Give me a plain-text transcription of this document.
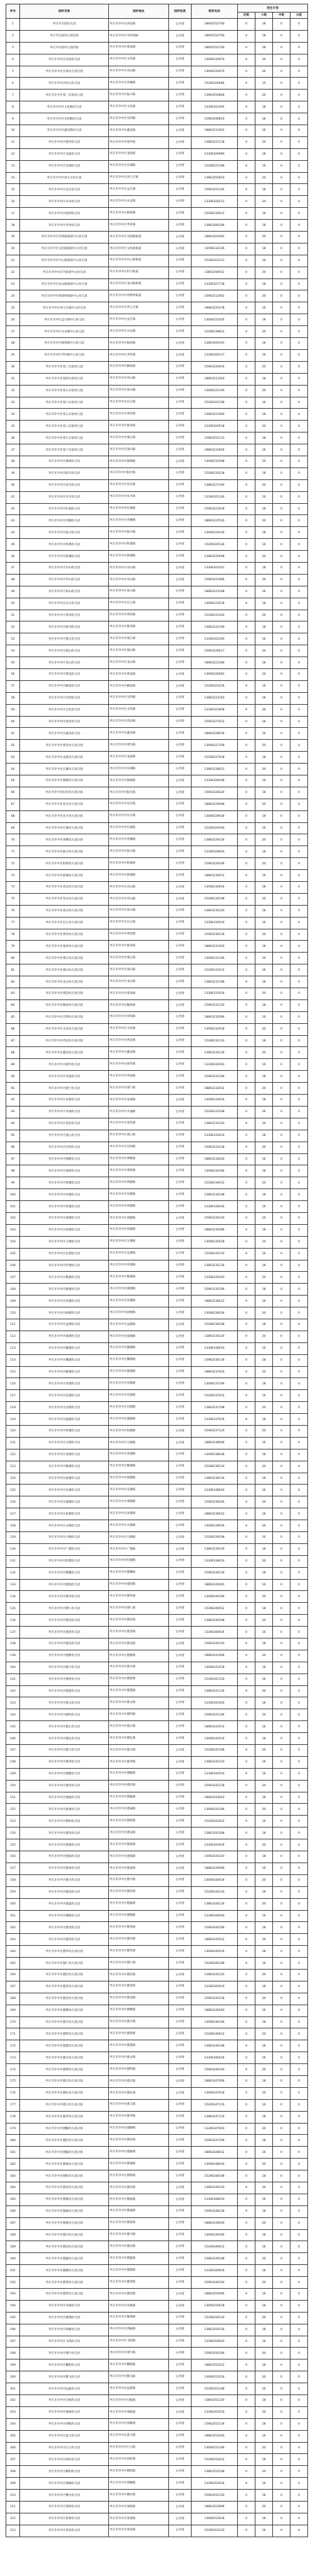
序号	园所名称	园所地址	园所性质	联系电话	招生计划			
					托班	小班	中班	大班
1	枣庄市实验幼儿园	枣庄市市中区西昌路	公办园	18905252700	0	18	0	0
2	枣庄市实验幼儿园北园	枣庄市市中区光明西路	公办园	18905252700	0	18	0	0
3	枣庄市实验幼儿园西园	枣庄市市中区建设路	公办园	18905252700	0	18	0	0
4	枣庄市市中区实验幼儿园	枣庄市市中区文化路	公办园	13006220070	0	20	0	0
5	枣庄市市中区实验幼儿园分园	枣庄市市中区君山路	公办园	13006220070	0	20	0	0
6	枣庄市市中区机关幼儿园	枣庄市市中区青檀路	公办园	15206326666	0	15	0	0
7	枣庄市市中区第二实验幼儿园	枣庄市市中区振兴路	公办园	13963255800	0	20	0	0
8	枣庄市市中区文化路幼儿园	枣庄市市中区文化路	公办园	13306321005	0	18	0	0
9	枣庄市市中区光明路幼儿园	枣庄市市中区光明路	公办园	15963296810	0	18	0	0
10	枣庄市市中区鑫昌路幼儿园	枣庄市市中区鑫昌路	公办园	18863211001	0	16	0	0
11	枣庄市市中区建华幼儿园	枣庄市市中区建华路	公办园	13863221118	0	20	0	0
12	枣庄市市中区龙庭幼儿园	枣庄市市中区龙庭路	公办园	13306326990	0	18	0	0
13	枣庄市市中区东湖幼儿园	枣庄市市中区东湖路	公办园	15266221108	0	16	0	0
14	枣庄市市中区西王庄幼儿园	枣庄市市中区西王庄镇	公办园	13863255810	0	20	0	0
15	枣庄市市中区孟庄幼儿园	枣庄市市中区孟庄镇	公办园	15963251105	0	18	0	0
16	枣庄市市中区永安幼儿园	枣庄市市中区永安镇	公办园	13306320211	0	20	0	0
17	枣庄市市中区税郭幼儿园	枣庄市市中区税郭镇	公办园	15266330012	0	16	0	0
18	枣庄市市中区齐村幼儿园	枣庄市市中区齐村镇	公办园	13963280106	0	18	0	0
19	枣庄市市中区光明路街道中心幼儿园	枣庄市市中区光明路街道	公办园	18863201002	0	20	0	0
20	枣庄市市中区文化路街道中心幼儿园	枣庄市市中区文化路街道	公办园	13006232126	0	18	0	0
21	枣庄市市中区中心街街道中心幼儿园	枣庄市市中区中心街街道	公办园	15206321211	0	16	0	0
22	枣庄市市中区矿区街道中心幼儿园	枣庄市市中区矿区街道	公办园	13863290012	0	20	0	0
23	枣庄市市中区龙山路街道中心幼儿园	枣庄市市中区龙山路街道	公办园	13306327718	0	18	0	0
24	枣庄市市中区垎塔埠街道中心幼儿园	枣庄市市中区垎塔埠街道	公办园	15963212002	0	20	0	0
25	枣庄市市中区西王庄镇中心幼儿园	枣庄市市中区西王庄镇	公办园	18863220178	0	16	0	0
26	枣庄市市中区孟庄镇中心幼儿园	枣庄市市中区孟庄镇	公办园	13006221035	0	18	0	0
27	枣庄市市中区永安镇中心幼儿园	枣庄市市中区永安镇	公办园	15266238812	0	20	0	0
28	枣庄市市中区税郭镇中心幼儿园	枣庄市市中区税郭镇	公办园	13863200101	0	18	0	0
29	枣庄市市中区齐村镇中心幼儿园	枣庄市市中区齐村镇	公办园	13306326117	0	16	0	0
30	枣庄市市中区第三实验幼儿园	枣庄市市中区解放路	公办园	15963220016	0	20	0	0
31	枣庄市市中区第四实验幼儿园	枣庄市市中区华山路	公办园	18863213320	0	18	0	0
32	枣庄市市中区第五实验幼儿园	枣庄市市中区泰山路	公办园	13006222109	0	20	0	0
33	枣庄市市中区第六实验幼儿园	枣庄市市中区长江路	公办园	15206322158	0	16	0	0
34	枣庄市市中区第七实验幼儿园	枣庄市市中区黄河路	公办园	13863221900	0	18	0	0
35	枣庄市市中区第八实验幼儿园	枣庄市市中区淮河路	公办园	13306320518	0	20	0	0
36	枣庄市市中区第九实验幼儿园	枣庄市市中区珠江路	公办园	15963252113	0	18	0	0
37	枣庄市市中区第十实验幼儿园	枣庄市市中区嵩山路	公办园	18863210056	0	16	0	0
38	枣庄市市中区锦绣幼儿园	枣庄市市中区锦绣路	公办园	13006231008	0	20	0	0
39	枣庄市市中区阳光幼儿园	枣庄市市中区阳光路	公办园	15266220218	0	18	0	0
40	枣庄市市中区星光幼儿园	枣庄市市中区星光路	公办园	13863227100	0	20	0	0
41	枣庄市市中区育才幼儿园	枣庄市市中区育才路	公办园	13306321126	0	16	0	0
42	枣庄市市中区红旗幼儿园	枣庄市市中区红旗路	公办园	15963223018	0	18	0	0
43	枣庄市市中区青檀幼儿园	枣庄市市中区青檀路	公办园	18863225510	0	20	0	0
44	枣庄市市中区振兴幼儿园	枣庄市市中区振兴路	公办园	13006220316	0	18	0	0
45	枣庄市市中区和谐幼儿园	枣庄市市中区和谐路	公办园	15206320128	0	16	0	0
46	枣庄市市中区新城幼儿园	枣庄市市中区新城路	公办园	13863220508	0	20	0	0
47	枣庄市市中区君山幼儿园	枣庄市市中区君山路	公办园	13306325021	0	18	0	0
48	枣庄市市中区华山幼儿园	枣庄市市中区华山路	公办园	15963221006	0	20	0	0
49	枣庄市市中区泰山幼儿园	枣庄市市中区泰山路	公办园	18863223108	0	16	0	0
50	枣庄市市中区长江幼儿园	枣庄市市中区长江路	公办园	13006223518	0	18	0	0
51	枣庄市市中区黄河幼儿园	枣庄市市中区黄河路	公办园	15266221320	0	20	0	0
52	枣庄市市中区淮河幼儿园	枣庄市市中区淮河路	公办园	13863222109	0	18	0	0
53	枣庄市市中区珠江幼儿园	枣庄市市中区珠江路	公办园	13306322200	0	16	0	0
54	枣庄市市中区嵩山幼儿园	枣庄市市中区嵩山路	公办园	15963226617	0	20	0	0
55	枣庄市市中区龙山幼儿园	枣庄市市中区龙山路	公办园	18863221180	0	18	0	0
56	枣庄市市中区建设幼儿园	枣庄市市中区建设路	公办园	13006226002	0	20	0	0
57	枣庄市市中区解放幼儿园	枣庄市市中区解放路	公办园	15206323316	0	16	0	0
58	枣庄市市中区光明幼儿园	枣庄市市中区光明路	公办园	13863223150	0	18	0	0
59	枣庄市市中区文化幼儿园	枣庄市市中区文化路	公办园	13306321808	0	20	0	0
60	枣庄市市中区西昌幼儿园	枣庄市市中区西昌路	公办园	15963227012	0	18	0	0
61	枣庄市市中区鑫昌幼儿园	枣庄市市中区鑫昌路	公办园	18863228016	0	16	0	0
62	枣庄市市中区建华幼儿园分园	枣庄市市中区建华路	公办园	13006227109	0	20	0	0
63	枣庄市市中区龙庭幼儿园分园	枣庄市市中区龙庭路	公办园	15266227018	0	18	0	0
64	枣庄市市中区东湖幼儿园分园	枣庄市市中区东湖路	公办园	13863228021	0	20	0	0
65	枣庄市市中区锦绣幼儿园分园	枣庄市市中区锦绣路	公办园	13306328106	0	16	0	0
66	枣庄市市中区阳光幼儿园分园	枣庄市市中区阳光路	公办园	15963228120	0	18	0	0
67	枣庄市市中区星光幼儿园分园	枣庄市市中区星光路	公办园	18863229008	0	20	0	0
68	枣庄市市中区育才幼儿园分园	枣庄市市中区育才路	公办园	13006229018	0	18	0	0
69	枣庄市市中区红旗幼儿园分园	枣庄市市中区红旗路	公办园	15206329100	0	16	0	0
70	枣庄市市中区青檀幼儿园分园	枣庄市市中区青檀路	公办园	13863229116	0	20	0	0
71	枣庄市市中区振兴幼儿园分园	枣庄市市中区振兴路	公办园	13306329020	0	18	0	0
72	枣庄市市中区和谐幼儿园分园	枣庄市市中区和谐路	公办园	15963229106	0	20	0	0
73	枣庄市市中区新城幼儿园分园	枣庄市市中区新城路	公办园	18863230012	0	16	0	0
74	枣庄市市中区君山幼儿园分园	枣庄市市中区君山路	公办园	13006230016	0	18	0	0
75	枣庄市市中区华山幼儿园分园	枣庄市市中区华山路	公办园	15266230108	0	20	0	0
76	枣庄市市中区泰山幼儿园分园	枣庄市市中区泰山路	公办园	13863230120	0	18	0	0
77	枣庄市市中区长江幼儿园分园	枣庄市市中区长江路	公办园	13306330010	0	16	0	0
78	枣庄市市中区黄河幼儿园分园	枣庄市市中区黄河路	公办园	15963230118	0	20	0	0
79	枣庄市市中区淮河幼儿园分园	枣庄市市中区淮河路	公办园	18863231020	0	18	0	0
80	枣庄市市中区珠江幼儿园分园	枣庄市市中区珠江路	公办园	13006231106	0	20	0	0
81	枣庄市市中区嵩山幼儿园分园	枣庄市市中区嵩山路	公办园	15206331012	0	16	0	0
82	枣庄市市中区龙山幼儿园分园	枣庄市市中区龙山路	公办园	13863231108	0	18	0	0
83	枣庄市市中区建设幼儿园分园	枣庄市市中区建设路	公办园	13306331016	0	20	0	0
84	枣庄市市中区解放幼儿园分园	枣庄市市中区解放路	公办园	15963231120	0	18	0	0
85	枣庄市市中区光明幼儿园分园	枣庄市市中区光明路	公办园	18863232006	0	16	0	0
86	枣庄市市中区文化幼儿园分园	枣庄市市中区文化路	公办园	13006232018	0	20	0	0
87	枣庄市市中区西昌幼儿园分园	枣庄市市中区西昌路	公办园	15266232110	0	18	0	0
88	枣庄市市中区鑫昌幼儿园分园	枣庄市市中区鑫昌路	公办园	13863232116	0	20	0	0
89	枣庄市市中区锦华幼儿园	枣庄市市中区锦华路	公办园	13306332020	0	16	0	0
90	枣庄市市中区华庭幼儿园	枣庄市市中区华庭路	公办园	15963232106	0	18	0	0
91	枣庄市市中区康宁幼儿园	枣庄市市中区康宁路	公办园	18863233012	0	20	0	0
92	枣庄市市中区安康幼儿园	枣庄市市中区安康路	公办园	13006233016	0	18	0	0
93	枣庄市市中区幸福幼儿园	枣庄市市中区幸福路	公办园	15206333108	0	16	0	0
94	枣庄市市中区金色幼儿园	枣庄市市中区金色路	公办园	13863233120	0	20	0	0
95	枣庄市市中区童心幼儿园	枣庄市市中区童心路	公办园	13306333010	0	18	0	0
96	枣庄市市中区启明幼儿园	枣庄市市中区启明路	公办园	15963233118	0	20	0	0
97	枣庄市市中区博雅幼儿园	枣庄市市中区博雅路	公办园	18863234020	0	16	0	0
98	枣庄市市中区睿智幼儿园	枣庄市市中区睿智路	公办园	13006234106	0	18	0	0
99	枣庄市市中区明德幼儿园	枣庄市市中区明德路	公办园	15266234012	0	20	0	0
100	枣庄市市中区崇德幼儿园	枣庄市市中区崇德路	公办园	13863234108	0	18	0	0
101	枣庄市市中区厚德幼儿园	枣庄市市中区厚德路	公办园	13306334016	0	16	0	0
102	枣庄市市中区润德幼儿园	枣庄市市中区润德路	公办园	15963234120	0	20	0	0
103	枣庄市市中区尚德幼儿园	枣庄市市中区尚德路	公办园	18863235006	0	18	0	0
104	枣庄市市中区立德幼儿园	枣庄市市中区立德路	公办园	13006235018	0	20	0	0
105	枣庄市市中区弘德幼儿园	枣庄市市中区弘德路	公办园	15206335110	0	16	0	0
106	枣庄市市中区怀德幼儿园	枣庄市市中区怀德路	公办园	13863235116	0	18	0	0
107	枣庄市市中区敬德幼儿园	枣庄市市中区敬德路	公办园	13306335020	0	20	0	0
108	枣庄市市中区修德幼儿园	枣庄市市中区修德路	公办园	15963235106	0	18	0	0
109	枣庄市市中区育德幼儿园	枣庄市市中区育德路	公办园	18863236012	0	16	0	0
110	枣庄市市中区树德幼儿园	枣庄市市中区树德路	公办园	13006236016	0	20	0	0
111	枣庄市市中区益德幼儿园	枣庄市市中区益德路	公办园	15266236108	0	18	0	0
112	枣庄市市中区嘉德幼儿园	枣庄市市中区嘉德路	公办园	13863236120	0	20	0	0
113	枣庄市市中区懿德幼儿园	枣庄市市中区懿德路	公办园	13306336010	0	16	0	0
114	枣庄市市中区馨德幼儿园	枣庄市市中区馨德路	公办园	15963236118	0	18	0	0
115	枣庄市市中区颐德幼儿园	枣庄市市中区颐德路	公办园	18863237020	0	20	0	0
116	枣庄市市中区泽德幼儿园	枣庄市市中区泽德路	公办园	13006237106	0	18	0	0
117	枣庄市市中区佳德幼儿园	枣庄市市中区佳德路	公办园	15206337012	0	16	0	0
118	枣庄市市中区昌德幼儿园	枣庄市市中区昌德路	公办园	13863237108	0	20	0	0
119	枣庄市市中区盛德幼儿园	枣庄市市中区盛德路	公办园	13306337016	0	18	0	0
120	枣庄市市中区和德幼儿园	枣庄市市中区和德路	公办园	15963237120	0	20	0	0
121	枣庄市市中区宝德幼儿园	枣庄市市中区宝德路	公办园	18863238006	0	16	0	0
122	枣庄市市中区金德幼儿园	枣庄市市中区金德路	公办园	13006238018	0	18	0	0
123	枣庄市市中区顺德幼儿园	枣庄市市中区顺德路	公办园	15266238110	0	20	0	0
124	枣庄市市中区福德幼儿园	枣庄市市中区福德路	公办园	13863238116	0	18	0	0
125	枣庄市市中区安德幼儿园	枣庄市市中区安德路	公办园	13306338020	0	16	0	0
126	枣庄市市中区康德幼儿园	枣庄市市中区康德路	公办园	15963238106	0	20	0	0
127	枣庄市市中区泰德幼儿园	枣庄市市中区泰德路	公办园	18863239012	0	18	0	0
128	枣庄市市中区永德幼儿园	枣庄市市中区永德路	公办园	13006239016	0	20	0	0
129	枣庄市市中区兴德幼儿园	枣庄市市中区兴德路	公办园	15206339108	0	16	0	0
130	枣庄市市中区广德幼儿园	枣庄市市中区广德路	公办园	13863239120	0	18	0	0
131	枣庄市市中区恒德幼儿园	枣庄市市中区恒德路	公办园	13306339010	0	20	0	0
132	枣庄市市中区德馨幼儿园	枣庄市市中区德馨路	公办园	15963239118	0	18	0	0
133	枣庄市市中区德润幼儿园	枣庄市市中区德润路	公办园	18863240020	0	16	0	0
134	枣庄市市中区德华幼儿园	枣庄市市中区德华路	公办园	13006240106	0	20	0	0
135	枣庄市市中区德仁幼儿园	枣庄市市中区德仁路	公办园	15266240012	0	18	0	0
136	枣庄市市中区德信幼儿园	枣庄市市中区德信路	公办园	13863240108	0	20	0	0
137	枣庄市市中区德善幼儿园	枣庄市市中区德善路	公办园	13306340016	0	16	0	0
138	枣庄市市中区德美幼儿园	枣庄市市中区德美路	公办园	15963240120	0	18	0	0
139	枣庄市市中区德雅幼儿园	枣庄市市中区德雅路	公办园	18863241006	0	20	0	0
140	枣庄市市中区德才幼儿园	枣庄市市中区德才路	公办园	13006241018	0	18	0	0
141	枣庄市市中区德智幼儿园	枣庄市市中区德智路	公办园	15206341110	0	16	0	0
142	枣庄市市中区德慧幼儿园	枣庄市市中区德慧路	公办园	13863241116	0	20	0	0
143	枣庄市市中区德文幼儿园	枣庄市市中区德文路	公办园	13306341020	0	18	0	0
144	枣庄市市中区德明幼儿园	枣庄市市中区德明路	公办园	15963241106	0	20	0	0
145	枣庄市市中区德正幼儿园	枣庄市市中区德正路	公办园	18863242012	0	16	0	0
146	枣庄市市中区德礼幼儿园	枣庄市市中区德礼路	公办园	13006242016	0	18	0	0
147	枣庄市市中区德义幼儿园	枣庄市市中区德义路	公办园	15266242108	0	20	0	0
148	枣庄市市中区德孝幼儿园	枣庄市市中区德孝路	公办园	13863242120	0	18	0	0
149	枣庄市市中区德勤幼儿园	枣庄市市中区德勤路	公办园	13306342010	0	16	0	0
150	枣庄市市中区德俭幼儿园	枣庄市市中区德俭路	公办园	15963242118	0	20	0	0
151	枣庄市市中区德毅幼儿园	枣庄市市中区德毅路	公办园	18863243020	0	18	0	0
152	枣庄市市中区德诚幼儿园	枣庄市市中区德诚路	公办园	13006243106	0	20	0	0
153	枣庄市市中区德和幼儿园	枣庄市市中区德和路	公办园	15206343012	0	16	0	0
154	枣庄市市中区德安幼儿园	枣庄市市中区德安路	公办园	13863243108	0	18	0	0
155	枣庄市市中区德康幼儿园	枣庄市市中区德康路	公办园	13306343016	0	20	0	0
156	枣庄市市中区德福幼儿园	枣庄市市中区德福路	公办园	15963243120	0	18	0	0
157	枣庄市市中区德泰幼儿园	枣庄市市中区德泰路	公办园	18863244006	0	16	0	0
158	枣庄市市中区德兴幼儿园	枣庄市市中区德兴路	公办园	13006244018	0	20	0	0
159	枣庄市市中区德昌幼儿园	枣庄市市中区德昌路	公办园	15266244110	0	18	0	0
160	枣庄市市中区德盛幼儿园	枣庄市市中区德盛路	公办园	13863244116	0	20	0	0
161	枣庄市市中区德隆幼儿园	枣庄市市中区德隆路	公办园	13306344020	0	16	0	0
162	枣庄市市中区德茂幼儿园	枣庄市市中区德茂路	公办园	15963244106	0	18	0	0
163	枣庄市市中区德荣幼儿园	枣庄市市中区德荣路	公办园	18863245012	0	20	0	0
164	枣庄市市中区德华幼儿园分园	枣庄市市中区德华路	公办园	13006245016	0	18	0	0
165	枣庄市市中区德仁幼儿园分园	枣庄市市中区德仁路	公办园	15206345108	0	16	0	0
166	枣庄市市中区德信幼儿园分园	枣庄市市中区德信路	公办园	13863245120	0	20	0	0
167	枣庄市市中区德善幼儿园分园	枣庄市市中区德善路	公办园	13306345010	0	18	0	0
168	枣庄市市中区德美幼儿园分园	枣庄市市中区德美路	公办园	15963245118	0	20	0	0
169	枣庄市市中区德雅幼儿园分园	枣庄市市中区德雅路	公办园	18863246020	0	16	0	0
170	枣庄市市中区德才幼儿园分园	枣庄市市中区德才路	公办园	13006246106	0	18	0	0
171	枣庄市市中区德智幼儿园分园	枣庄市市中区德智路	公办园	15266246012	0	20	0	0
172	枣庄市市中区德慧幼儿园分园	枣庄市市中区德慧路	公办园	13863246108	0	18	0	0
173	枣庄市市中区德文幼儿园分园	枣庄市市中区德文路	公办园	13306346016	0	16	0	0
174	枣庄市市中区德明幼儿园分园	枣庄市市中区德明路	公办园	15963246120	0	20	0	0
175	枣庄市市中区德正幼儿园分园	枣庄市市中区德正路	公办园	18863247006	0	18	0	0
176	枣庄市市中区德礼幼儿园分园	枣庄市市中区德礼路	公办园	13006247018	0	20	0	0
177	枣庄市市中区德义幼儿园分园	枣庄市市中区德义路	公办园	15206347110	0	16	0	0
178	枣庄市市中区德孝幼儿园分园	枣庄市市中区德孝路	公办园	13863247116	0	18	0	0
179	枣庄市市中区德勤幼儿园分园	枣庄市市中区德勤路	公办园	13306347020	0	20	0	0
180	枣庄市市中区德俭幼儿园分园	枣庄市市中区德俭路	公办园	15963247106	0	18	0	0
181	枣庄市市中区德毅幼儿园分园	枣庄市市中区德毅路	公办园	18863248012	0	16	0	0
182	枣庄市市中区德诚幼儿园分园	枣庄市市中区德诚路	公办园	13006248016	0	20	0	0
183	枣庄市市中区德和幼儿园分园	枣庄市市中区德和路	公办园	15266248108	0	18	0	0
184	枣庄市市中区德安幼儿园分园	枣庄市市中区德安路	公办园	13863248120	0	20	0	0
185	枣庄市市中区德康幼儿园分园	枣庄市市中区德康路	公办园	13306348010	0	16	0	0
186	枣庄市市中区德福幼儿园分园	枣庄市市中区德福路	公办园	15963248118	0	18	0	0
187	枣庄市市中区德泰幼儿园分园	枣庄市市中区德泰路	公办园	18863249020	0	20	0	0
188	枣庄市市中区德兴幼儿园分园	枣庄市市中区德兴路	公办园	13006249106	0	18	0	0
189	枣庄市市中区德昌幼儿园分园	枣庄市市中区德昌路	公办园	15206349012	0	16	0	0
190	枣庄市市中区德盛幼儿园分园	枣庄市市中区德盛路	公办园	13863249108	0	20	0	0
191	枣庄市市中区德隆幼儿园分园	枣庄市市中区德隆路	公办园	13306349016	0	18	0	0
192	枣庄市市中区德茂幼儿园分园	枣庄市市中区德茂路	公办园	15963249120	0	20	0	0
193	枣庄市市中区德荣幼儿园分园	枣庄市市中区德荣路	公办园	18863250006	0	16	0	0
194	枣庄市市中区凤凰幼儿园	枣庄市市中区凤凰路	公办园	13006250018	0	18	0	0
195	枣庄市市中区雁翔幼儿园	枣庄市市中区雁翔路	公办园	15266250110	0	20	0	0
196	枣庄市市中区鸿雁幼儿园	枣庄市市中区鸿雁路	公办园	13863250116	0	18	0	0
197	枣庄市市中区飞鸿幼儿园	枣庄市市中区飞鸿路	公办园	13306350020	0	16	0	0
198	枣庄市市中区翔宇幼儿园	枣庄市市中区翔宇路	公办园	15963250106	0	20	0	0
199	枣庄市市中区鹏程幼儿园	枣庄市市中区鹏程路	公办园	18863251012	0	18	0	0
200	枣庄市市中区腾飞幼儿园	枣庄市市中区腾飞路	公办园	13006251016	0	20	0	0
201	枣庄市市中区远航幼儿园	枣庄市市中区远航路	公办园	15206351108	0	16	0	0
202	枣庄市市中区启航幼儿园	枣庄市市中区启航路	公办园	13863251120	0	18	0	0
203	枣庄市市中区领航幼儿园	枣庄市市中区领航路	公办园	13306351010	0	20	0	0
204	枣庄市市中区扬帆幼儿园	枣庄市市中区扬帆路	公办园	15963251118	0	18	0	0
205	枣庄市市中区蓝天幼儿园	枣庄市市中区蓝天路	公办园	18863252020	0	16	0	0
206	枣庄市市中区白云幼儿园	枣庄市市中区白云路	公办园	13006252106	0	20	0	0
207	枣庄市市中区彩虹幼儿园	枣庄市市中区彩虹路	公办园	15266252012	0	18	0	0
208	枣庄市市中区朝阳幼儿园	枣庄市市中区朝阳路	公办园	13863252108	0	20	0	0
209	枣庄市市中区晨曦幼儿园	枣庄市市中区晨曦路	公办园	13306352016	0	16	0	0
210	枣庄市市中区曙光幼儿园	枣庄市市中区曙光路	公办园	15963252120	0	18	0	0
211	枣庄市市中区春晖幼儿园	枣庄市市中区春晖路	公办园	18863253006	0	20	0	0
212	枣庄市市中区春蕾幼儿园	枣庄市市中区春蕾路	公办园	13006253018	0	18	0	0
213	枣庄市市中区春苗幼儿园	枣庄市市中区春苗路	公办园	15206353110	0	16	0	0
